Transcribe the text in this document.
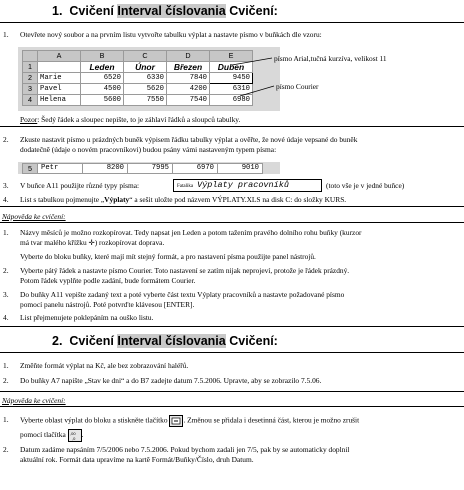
1. Cvičení Interval číslovania Cvičení:
1. Otevřete nový soubor a na prvním listu vytvořte tabulku výplat a nastavte písmo v buňkách dle vzoru:
	A	B	C	D	E
1		Leden	Únor	Březen	Duben
2	Marie	6520	6330	7840	9450
3	Pavel	4500	5620	4200	6310
4	Helena	5600	7550	7540	6980
písmo Arial,tučná kurzíva, velikost 11
písmo Courier
Pozor: Šedý řádek a sloupec nepište, to je záhlaví řádků a sloupců tabulky.
2. Zkuste nastavit písmo u prázdných buněk výpisem řádku tabulky výplat a ověřte, že nové údaje vepsané do buněk
dodatečně (údaje o novém pracovníkovi) budou psány vámi nastaveným typem písma:
5	Petr	8200	7995	6970	9010
3. V buňce A11 použijte různé typy písma:	Fatalika Výplaty pracovníků	(toto vše je v jedné buňce)
4. List s tabulkou pojmenujte „Výplaty“ a sešit uložte pod názvem VÝPLATY.XLS na disk C: do složky KURS.
Nápověda ke cvičení:
1. Názvy měsíců je možno rozkopírovat. Tedy napsat jen Leden a potom tažením pravého dolního rohu buňky (kurzor
má tvar malého křížku ✛) rozkopírovat doprava.
Vyberte do bloku buňky, které mají mít stejný formát, a pro nastavení písma použijte panel nástrojů.
2. Vyberte pátý řádek a nastavte písmo Courier. Toto nastavení se zatím nijak neprojeví, protože je řádek prázdný.
Potom řádek vyplňte podle zadání, bude formátem Courier.
3. Do buňky A11 vepište zadaný text a poté vyberte část textu Výplaty pracovníků a nastavte požadované písmo
pomocí panelu nástrojů. Poté potvrďte klávesou [ENTER].
4. List přejmenujete poklepáním na ouško listu.
2. Cvičení Interval číslovania Cvičení:
1. Změňte formát výplat na Kč, ale bez zobrazování haléřů.
2. Do buňky A7 napište „Stav ke dni“ a do B7 zadejte datum 7.5.2006. Upravte, aby se zobrazilo 7.5.06.
Nápověda ke cvičení:
1. Vyberte oblast výplat do bloku a stiskněte tlačítko . Změnou se přidala i desetinná část, kterou je možno zrušit
pomocí tlačítka ,00
,0 .
2. Datum zadáme napsáním 7/5/2006 nebo 7.5.2006. Pokud bychom zadali jen 7/5, pak by se automaticky doplnil
aktuální rok. Formát data upravíme na kartě Formát/Buňky/Číslo, druh Datum.
